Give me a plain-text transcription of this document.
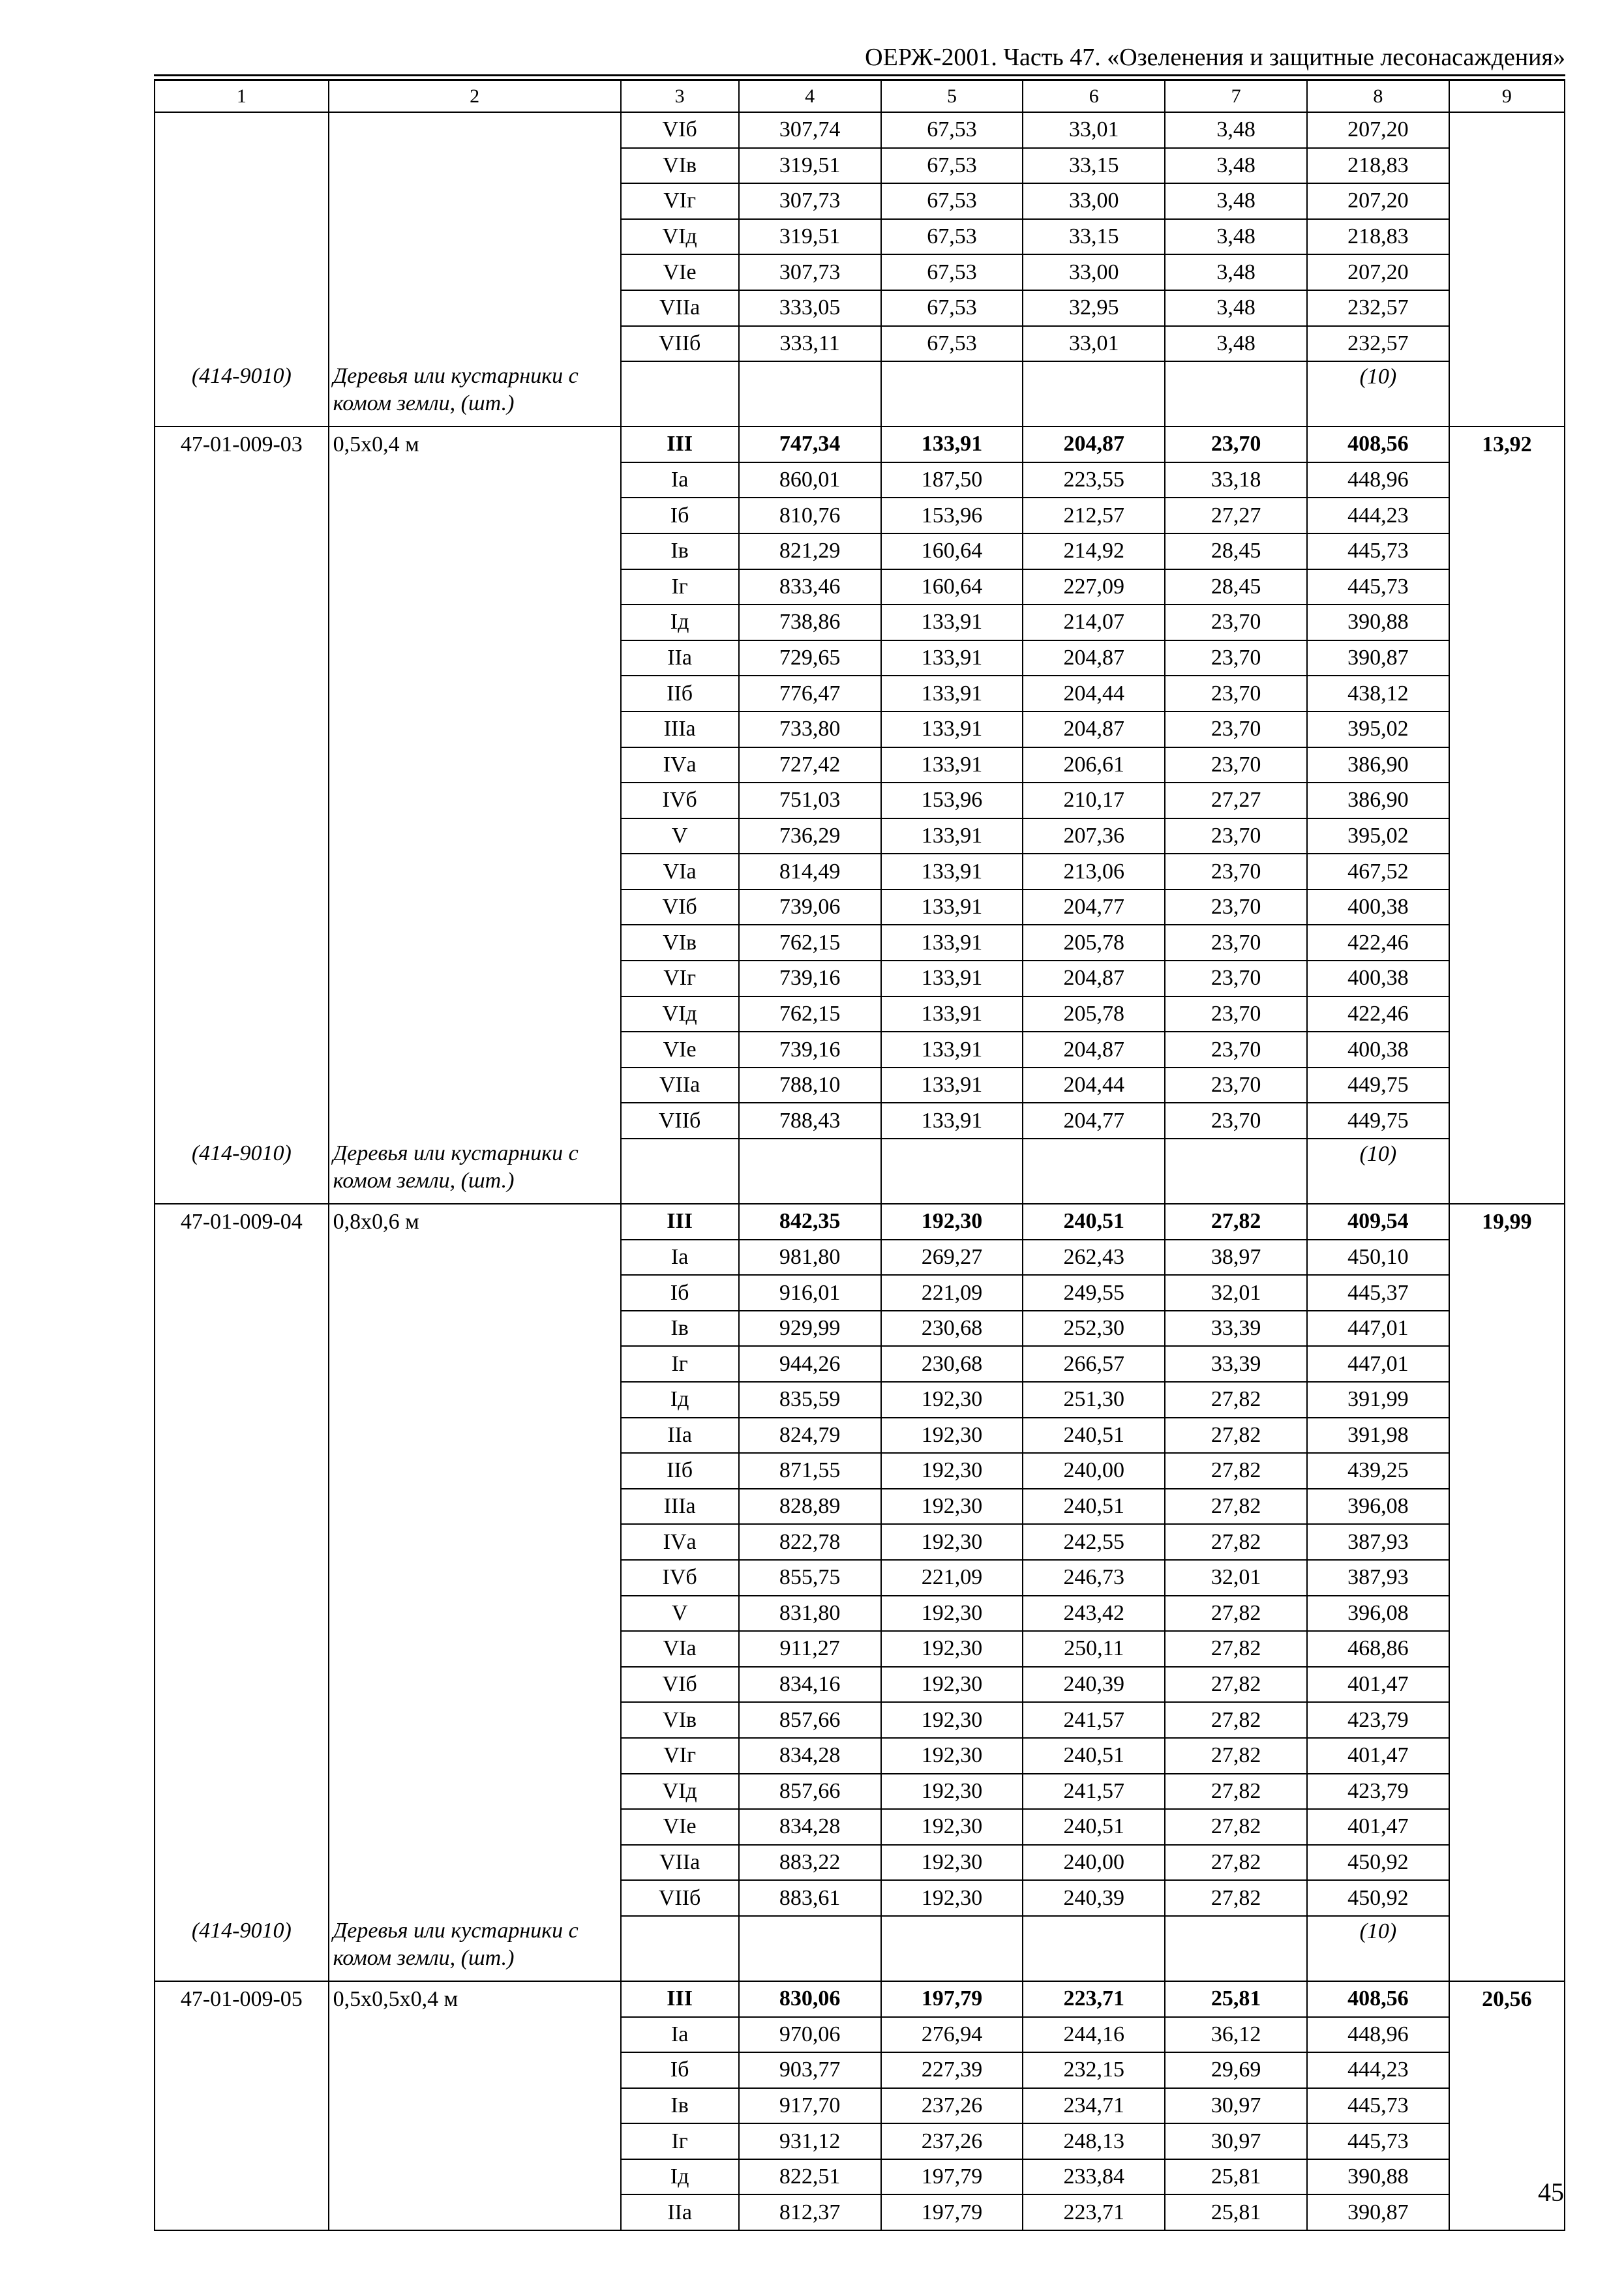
ОЕРЖ-2001. Часть 47. «Озеленения и защитные лесонасаждения»
1	2	3	4	5	6	7	8	9
		VIб	307,74	67,53	33,01	3,48	207,20	
		VIв	319,51	67,53	33,15	3,48	218,83	
		VIг	307,73	67,53	33,00	3,48	207,20	
		VIд	319,51	67,53	33,15	3,48	218,83	
		VIе	307,73	67,53	33,00	3,48	207,20	
		VIIа	333,05	67,53	32,95	3,48	232,57	
		VIIб	333,11	67,53	33,01	3,48	232,57	
(414-9010)	Деревья или кустарники с комом земли, (шт.)						(10)	
47-01-009-03	0,5х0,4 м	III	747,34	133,91	204,87	23,70	408,56	13,92
		Iа	860,01	187,50	223,55	33,18	448,96	
		Iб	810,76	153,96	212,57	27,27	444,23	
		Iв	821,29	160,64	214,92	28,45	445,73	
		Iг	833,46	160,64	227,09	28,45	445,73	
		Iд	738,86	133,91	214,07	23,70	390,88	
		IIа	729,65	133,91	204,87	23,70	390,87	
		IIб	776,47	133,91	204,44	23,70	438,12	
		IIIа	733,80	133,91	204,87	23,70	395,02	
		IVа	727,42	133,91	206,61	23,70	386,90	
		IVб	751,03	153,96	210,17	27,27	386,90	
		V	736,29	133,91	207,36	23,70	395,02	
		VIа	814,49	133,91	213,06	23,70	467,52	
		VIб	739,06	133,91	204,77	23,70	400,38	
		VIв	762,15	133,91	205,78	23,70	422,46	
		VIг	739,16	133,91	204,87	23,70	400,38	
		VIд	762,15	133,91	205,78	23,70	422,46	
		VIе	739,16	133,91	204,87	23,70	400,38	
		VIIа	788,10	133,91	204,44	23,70	449,75	
		VIIб	788,43	133,91	204,77	23,70	449,75	
(414-9010)	Деревья или кустарники с комом земли, (шт.)						(10)	
47-01-009-04	0,8х0,6 м	III	842,35	192,30	240,51	27,82	409,54	19,99
		Iа	981,80	269,27	262,43	38,97	450,10	
		Iб	916,01	221,09	249,55	32,01	445,37	
		Iв	929,99	230,68	252,30	33,39	447,01	
		Iг	944,26	230,68	266,57	33,39	447,01	
		Iд	835,59	192,30	251,30	27,82	391,99	
		IIа	824,79	192,30	240,51	27,82	391,98	
		IIб	871,55	192,30	240,00	27,82	439,25	
		IIIа	828,89	192,30	240,51	27,82	396,08	
		IVа	822,78	192,30	242,55	27,82	387,93	
		IVб	855,75	221,09	246,73	32,01	387,93	
		V	831,80	192,30	243,42	27,82	396,08	
		VIа	911,27	192,30	250,11	27,82	468,86	
		VIб	834,16	192,30	240,39	27,82	401,47	
		VIв	857,66	192,30	241,57	27,82	423,79	
		VIг	834,28	192,30	240,51	27,82	401,47	
		VIд	857,66	192,30	241,57	27,82	423,79	
		VIе	834,28	192,30	240,51	27,82	401,47	
		VIIа	883,22	192,30	240,00	27,82	450,92	
		VIIб	883,61	192,30	240,39	27,82	450,92	
(414-9010)	Деревья или кустарники с комом земли, (шт.)						(10)	
47-01-009-05	0,5х0,5х0,4 м	III	830,06	197,79	223,71	25,81	408,56	20,56
		Iа	970,06	276,94	244,16	36,12	448,96	
		Iб	903,77	227,39	232,15	29,69	444,23	
		Iв	917,70	237,26	234,71	30,97	445,73	
		Iг	931,12	237,26	248,13	30,97	445,73	
		Iд	822,51	197,79	233,84	25,81	390,88	
		IIа	812,37	197,79	223,71	25,81	390,87	
45
